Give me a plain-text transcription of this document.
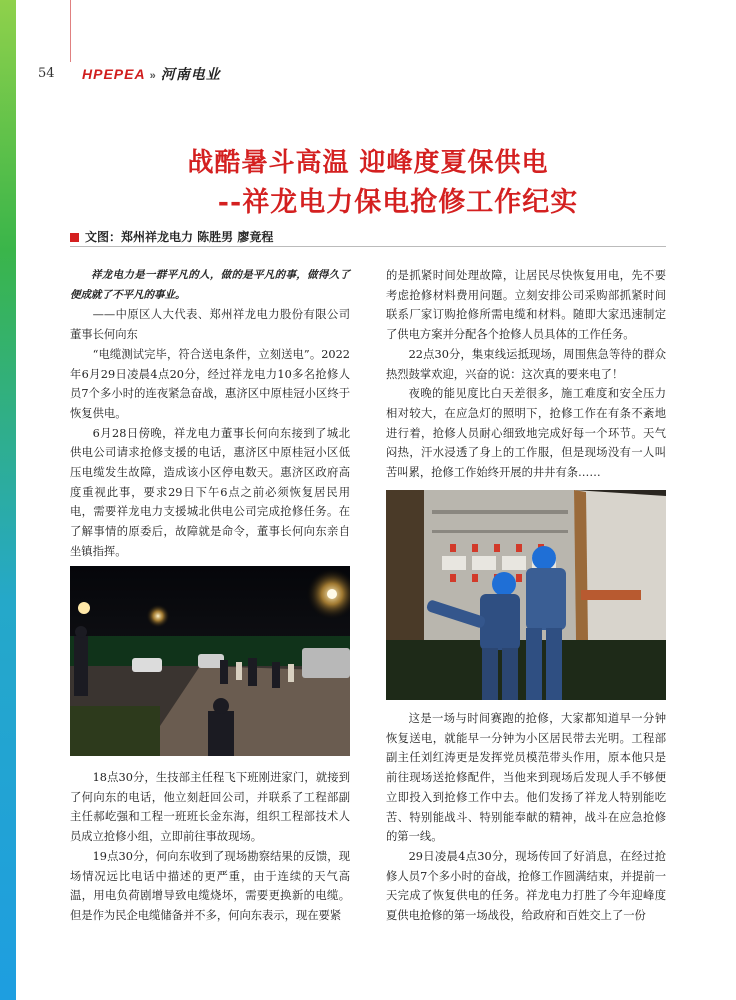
54 HPEPEA » 河南电业
战酷暑斗高温 迎峰度夏保供电
--祥龙电力保电抢修工作纪实
文图：郑州祥龙电力 陈胜男 廖竟程

祥龙电力是一群平凡的人，做的是平凡的事，做得久了便成就了不平凡的事业。

——中原区人大代表、郑州祥龙电力股份有限公司董事长何向东

“电缆测试完毕，符合送电条件，立刻送电”。2022年6月29日凌晨4点20分，经过祥龙电力10多名抢修人员7个多小时的连夜紧急奋战，惠济区中原桂冠小区终于恢复供电。

6月28日傍晚，祥龙电力董事长何向东接到了城北供电公司请求抢修支援的电话，惠济区中原桂冠小区低压电缆发生故障，造成该小区停电数天。惠济区政府高度重视此事，要求29日下午6点之前必须恢复居民用电，需要祥龙电力支援城北供电公司完成抢修任务。在了解事情的原委后，故障就是命令，董事长何向东亲自坐镇指挥。

18点30分，生技部主任程飞下班刚进家门，就接到了何向东的电话，他立刻赶回公司，并联系了工程部副主任郝屹强和工程一班班长金东海，组织工程部技术人员成立抢修小组，立即前往事故现场。

19点30分，何向东收到了现场勘察结果的反馈，现场情况远比电话中描述的更严重，由于连续的天气高温，用电负荷剧增导致电缆烧坏，需要更换新的电缆。但是作为民企电缆储备并不多，何向东表示，现在要紧

的是抓紧时间处理故障，让居民尽快恢复用电，先不要考虑抢修材料费用问题。立刻安排公司采购部抓紧时间联系厂家订购抢修所需电缆和材料。随即大家迅速制定了供电方案并分配各个抢修人员具体的工作任务。

22点30分，集束线运抵现场，周围焦急等待的群众热烈鼓掌欢迎，兴奋的说：这次真的要来电了！

夜晚的能见度比白天差很多，施工难度和安全压力相对较大，在应急灯的照明下，抢修工作在有条不紊地进行着，抢修人员耐心细致地完成好每一个环节。天气闷热，汗水浸透了身上的工作服，但是现场没有一人叫苦叫累，抢修工作始终开展的井井有条……

这是一场与时间赛跑的抢修，大家都知道早一分钟恢复送电，就能早一分钟为小区居民带去光明。工程部副主任刘红涛更是发挥党员模范带头作用，原本他只是前往现场送抢修配件，当他来到现场后发现人手不够便立即投入到抢修工作中去。他们发扬了祥龙人特别能吃苦、特别能战斗、特别能奉献的精神，战斗在应急抢修的第一线。

29日凌晨4点30分，现场传回了好消息，在经过抢修人员7个多小时的奋战，抢修工作圆满结束，并提前一天完成了恢复供电的任务。祥龙电力打胜了今年迎峰度夏供电抢修的第一场战役，给政府和百姓交上了一份
